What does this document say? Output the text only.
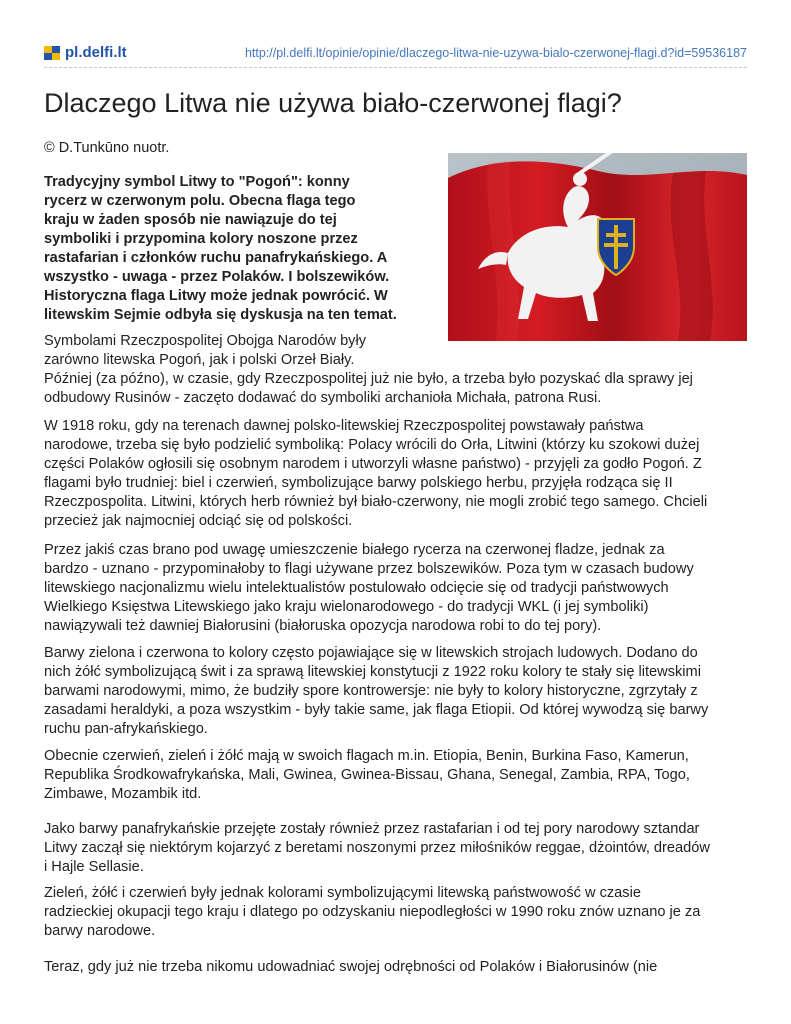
pl.delfi.lt	http://pl.delfi.lt/opinie/opinie/dlaczego-litwa-nie-uzywa-bialo-czerwonej-flagi.d?id=59536187
Dlaczego Litwa nie używa biało-czerwonej flagi?
© D.Tunkūno nuotr.

Tradycyjny symbol Litwy to "Pogoń": konny
rycerz w czerwonym polu. Obecna flaga tego
kraju w żaden sposób nie nawiązuje do tej
symboliki i przypomina kolory noszone przez
rastafarian i członków ruchu panafrykańskiego. A
wszystko - uwaga - przez Polaków. I bolszewików.
Historyczna flaga Litwy może jednak powrócić. W
litewskim Sejmie odbyła się dyskusja na ten temat.

Symbolami Rzeczpospolitej Obojga Narodów były
zarówno litewska Pogoń, jak i polski Orzeł Biały.
Później (za późno), w czasie, gdy Rzeczpospolitej już nie było, a trzeba było pozyskać dla sprawy jej
odbudowy Rusinów - zaczęto dodawać do symboliki archanioła Michała, patrona Rusi.

W 1918 roku, gdy na terenach dawnej polsko-litewskiej Rzeczpospolitej powstawały państwa
narodowe, trzeba się było podzielić symboliką: Polacy wrócili do Orła, Litwini (którzy ku szokowi dużej
części Polaków ogłosili się osobnym narodem i utworzyli własne państwo) - przyjęli za godło Pogoń. Z
flagami było trudniej: biel i czerwień, symbolizujące barwy polskiego herbu, przyjęła rodząca się II
Rzeczpospolita. Litwini, których herb również był biało-czerwony, nie mogli zrobić tego samego. Chcieli
przecież jak najmocniej odciąć się od polskości.

Przez jakiś czas brano pod uwagę umieszczenie białego rycerza na czerwonej fladze, jednak za
bardzo - uznano - przypominałoby to flagi używane przez bolszewików. Poza tym w czasach budowy
litewskiego nacjonalizmu wielu intelektualistów postulowało odcięcie się od tradycji państwowych
Wielkiego Księstwa Litewskiego jako kraju wielonarodowego - do tradycji WKL (i jej symboliki)
nawiązywali też dawniej Białorusini (białoruska opozycja narodowa robi to do tej pory).

Barwy zielona i czerwona to kolory często pojawiające się w litewskich strojach ludowych. Dodano do
nich żółć symbolizującą świt i za sprawą litewskiej konstytucji z 1922 roku kolory te stały się litewskimi
barwami narodowymi, mimo, że budziły spore kontrowersje: nie były to kolory historyczne, zgrzytały z
zasadami heraldyki, a poza wszystkim - były takie same, jak flaga Etiopii. Od której wywodzą się barwy
ruchu pan-afrykańskiego.

Obecnie czerwień, zieleń i żółć mają w swoich flagach m.in. Etiopia, Benin, Burkina Faso, Kamerun,
Republika Środkowafrykańska, Mali, Gwinea, Gwinea-Bissau, Ghana, Senegal, Zambia, RPA, Togo,
Zimbawe, Mozambik itd.

Jako barwy panafrykańskie przejęte zostały również przez rastafarian i od tej pory narodowy sztandar
Litwy zaczął się niektórym kojarzyć z beretami noszonymi przez miłośników reggae, dżointów, dreadów
i Hajle Sellasie.

Zieleń, żółć i czerwień były jednak kolorami symbolizującymi litewską państwowość w czasie
radzieckiej okupacji tego kraju i dlatego po odzyskaniu niepodległości w 1990 roku znów uznano je za
barwy narodowe.

Teraz, gdy już nie trzeba nikomu udowadniać swojej odrębności od Polaków i Białorusinów (nie
